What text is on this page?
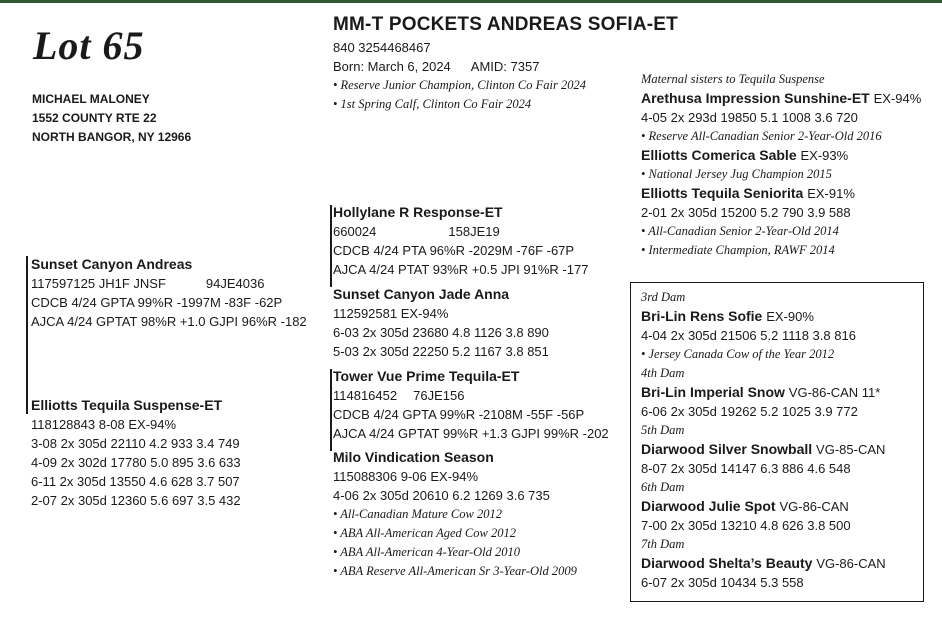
Lot 65
MICHAEL MALONEY
1552 COUNTY RTE 22
NORTH BANGOR, NY 12966
MM-T POCKETS ANDREAS SOFIA-ET
840 3254468467
Born: March 6, 2024 AMID: 7357
• Reserve Junior Champion, Clinton Co Fair 2024
• 1st Spring Calf, Clinton Co Fair 2024
Sunset Canyon Andreas
117597125 JH1F JNSF	94JE4036
CDCB 4/24 GPTA 99%R -1997M -83F -62P
AJCA 4/24 GPTAT 98%R +1.0 GJPI 96%R -182
Elliotts Tequila Suspense-ET
118128843 8-08 EX-94%
3-08 2x 305d 22110 4.2 933 3.4 749
4-09 2x 302d 17780 5.0 895 3.6 633
6-11 2x 305d 13550 4.6 628 3.7 507
2-07 2x 305d 12360 5.6 697 3.5 432
Hollylane R Response-ET
660024	158JE19
CDCB 4/24 PTA 96%R -2029M -76F -67P
AJCA 4/24 PTAT 93%R +0.5 JPI 91%R -177
Sunset Canyon Jade Anna
112592581 EX-94%
6-03 2x 305d 23680 4.8 1126 3.8 890
5-03 2x 305d 22250 5.2 1167 3.8 851
Tower Vue Prime Tequila-ET
114816452 76JE156
CDCB 4/24 GPTA 99%R -2108M -55F -56P
AJCA 4/24 GPTAT 99%R +1.3 GJPI 99%R -202
Milo Vindication Season
115088306 9-06 EX-94%
4-06 2x 305d 20610 6.2 1269 3.6 735
• All-Canadian Mature Cow 2012
• ABA All-American Aged Cow 2012
• ABA All-American 4-Year-Old 2010
• ABA Reserve All-American Sr 3-Year-Old 2009
Maternal sisters to Tequila Suspense
Arethusa Impression Sunshine-ET EX-94%
4-05 2x 293d 19850 5.1 1008 3.6 720
• Reserve All-Canadian Senior 2-Year-Old 2016
Elliotts Comerica Sable EX-93%
• National Jersey Jug Champion 2015
Elliotts Tequila Seniorita EX-91%
2-01 2x 305d 15200 5.2 790 3.9 588
• All-Canadian Senior 2-Year-Old 2014
• Intermediate Champion, RAWF 2014
3rd Dam
Bri-Lin Rens Sofie EX-90%
4-04 2x 305d 21506 5.2 1118 3.8 816
• Jersey Canada Cow of the Year 2012
4th Dam
Bri-Lin Imperial Snow VG-86-CAN 11*
6-06 2x 305d 19262 5.2 1025 3.9 772
5th Dam
Diarwood Silver Snowball VG-85-CAN
8-07 2x 305d 14147 6.3 886 4.6 548
6th Dam
Diarwood Julie Spot VG-86-CAN
7-00 2x 305d 13210 4.8 626 3.8 500
7th Dam
Diarwood Shelta’s Beauty VG-86-CAN
6-07 2x 305d 10434 5.3 558
